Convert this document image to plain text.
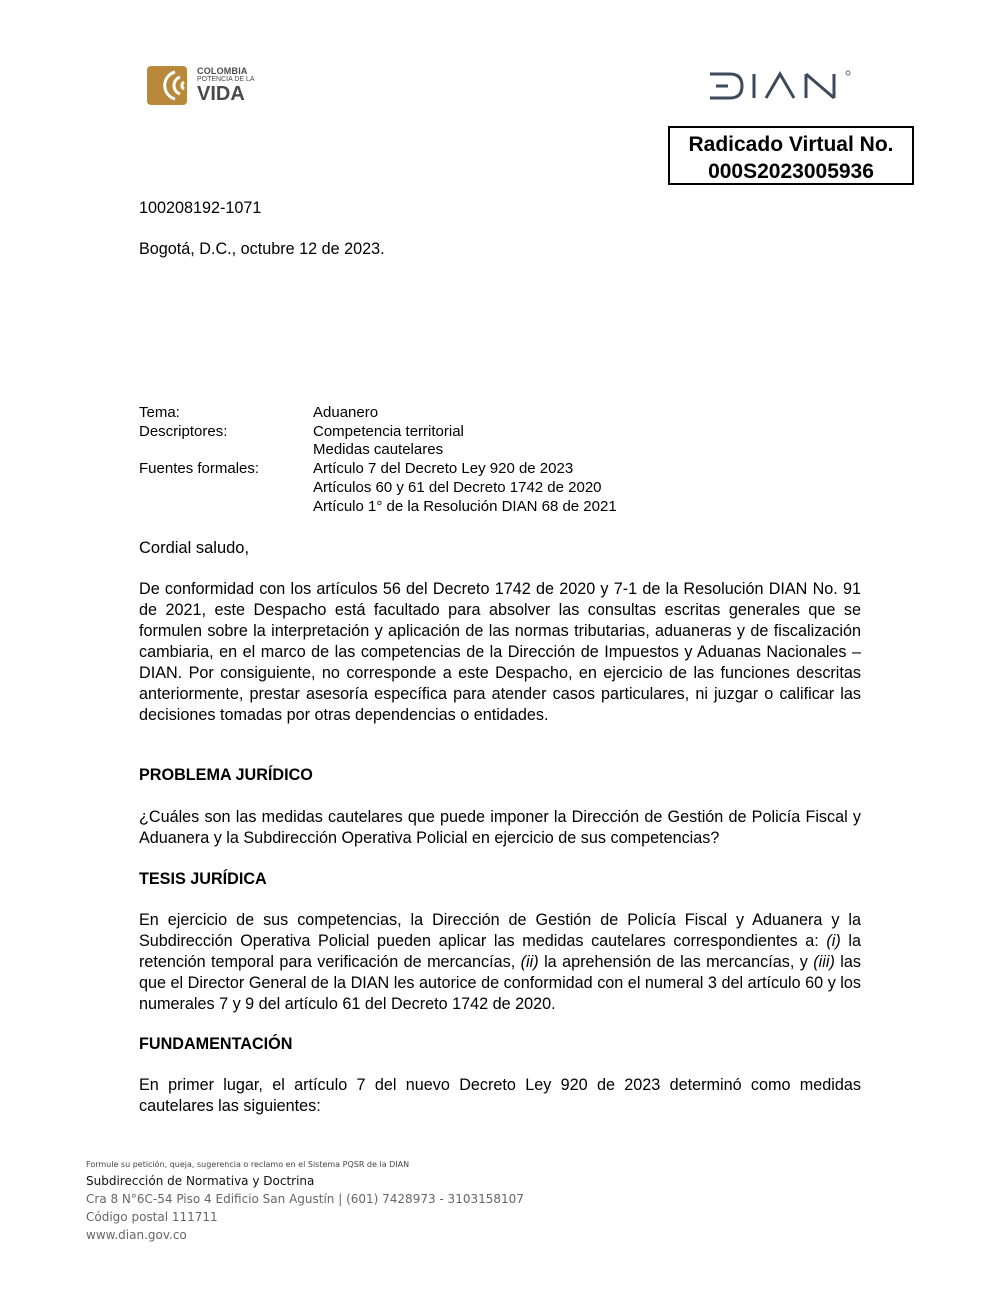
COLOMBIA
POTENCIA DE LA
VIDA
Radicado Virtual No.
000S2023005936
100208192-1071
Bogotá, D.C., octubre 12 de 2023.
Tema:	Aduanero
Descriptores:	Competencia territorial
	Medidas cautelares
Fuentes formales:	Artículo 7 del Decreto Ley 920 de 2023
	Artículos 60 y 61 del Decreto 1742 de 2020
	Artículo 1° de la Resolución DIAN 68 de 2021
Cordial saludo,

De conformidad con los artículos 56 del Decreto 1742 de 2020 y 7-1 de la Resolución DIAN No. 91 de 2021, este Despacho está facultado para absolver las consultas escritas generales que se formulen sobre la interpretación y aplicación de las normas tributarias, aduaneras y de fiscalización cambiaria, en el marco de las competencias de la Dirección de Impuestos y Aduanas Nacionales – DIAN. Por consiguiente, no corresponde a este Despacho, en ejercicio de las funciones descritas anteriormente, prestar asesoría específica para atender casos particulares, ni juzgar o calificar las decisiones tomadas por otras dependencias o entidades.

PROBLEMA JURÍDICO

¿Cuáles son las medidas cautelares que puede imponer la Dirección de Gestión de Policía Fiscal y Aduanera y la Subdirección Operativa Policial en ejercicio de sus competencias?

TESIS JURÍDICA

En ejercicio de sus competencias, la Dirección de Gestión de Policía Fiscal y Aduanera y la Subdirección Operativa Policial pueden aplicar las medidas cautelares correspondientes a: (i) la retención temporal para verificación de mercancías, (ii) la aprehensión de las mercancías, y (iii) las que el Director General de la DIAN les autorice de conformidad con el numeral 3 del artículo 60 y los numerales 7 y 9 del artículo 61 del Decreto 1742 de 2020.

FUNDAMENTACIÓN

En primer lugar, el artículo 7 del nuevo Decreto Ley 920 de 2023 determinó como medidas cautelares las siguientes:

Formule su petición, queja, sugerencia o reclamo en el Sistema PQSR de la DIAN
Subdirección de Normativa y Doctrina
Cra 8 N°6C-54 Piso 4 Edificio San Agustín | (601) 7428973 - 3103158107
Código postal 111711
www.dian.gov.co
